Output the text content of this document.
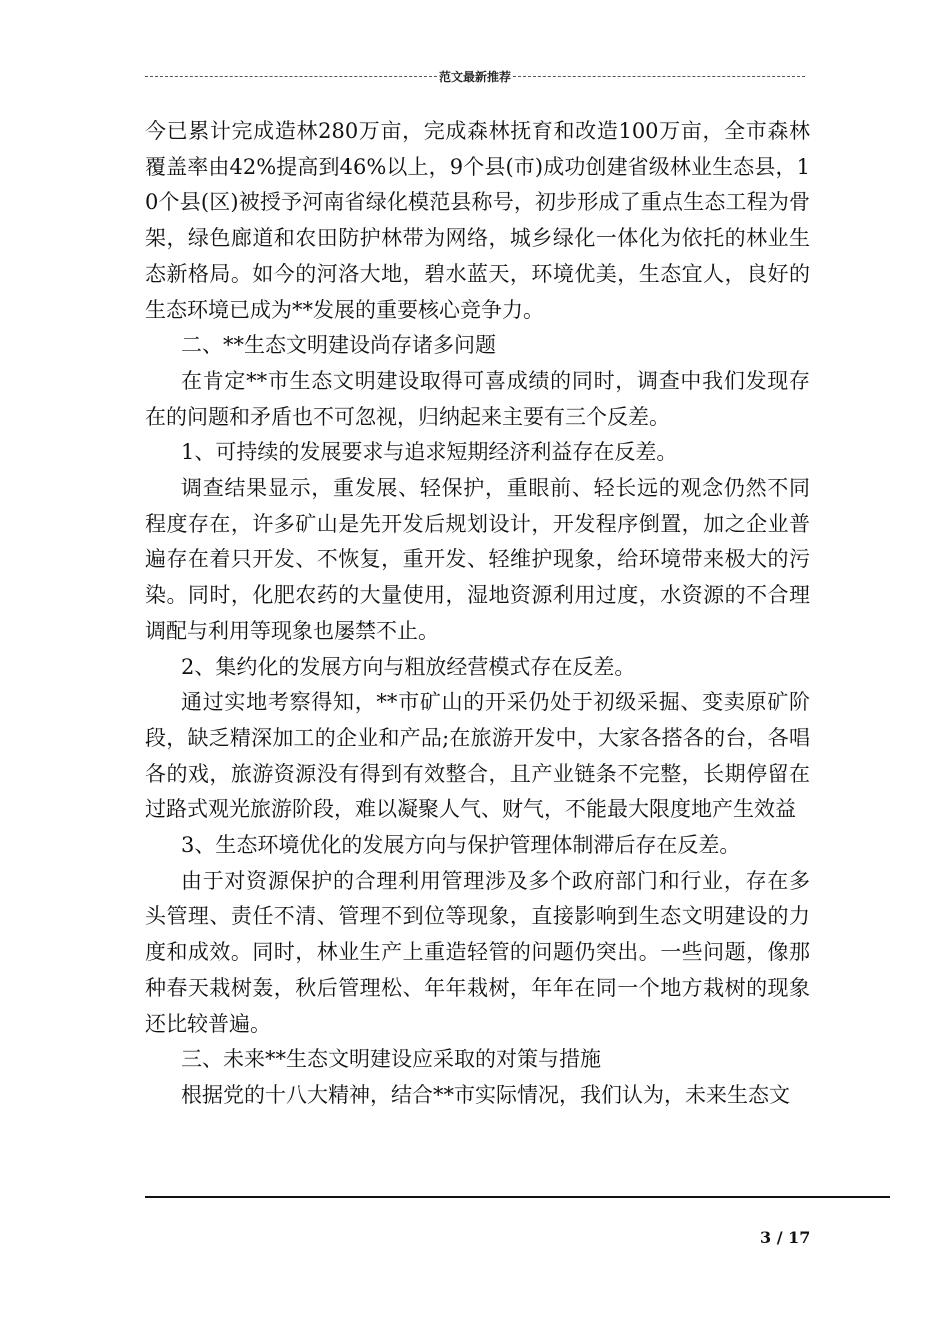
范文最新推荐

今已累计完成造林280万亩，完成森林抚育和改造100万亩，全市森林覆盖率由42%提高到46%以上，9个县(市)成功创建省级林业生态县，10个县(区)被授予河南省绿化模范县称号，初步形成了重点生态工程为骨架，绿色廊道和农田防护林带为网络，城乡绿化一体化为依托的林业生态新格局。如今的河洛大地，碧水蓝天，环境优美，生态宜人，良好的生态环境已成为**发展的重要核心竞争力。

二、**生态文明建设尚存诸多问题

在肯定**市生态文明建设取得可喜成绩的同时，调查中我们发现存在的问题和矛盾也不可忽视，归纳起来主要有三个反差。

1、可持续的发展要求与追求短期经济利益存在反差。

调查结果显示，重发展、轻保护，重眼前、轻长远的观念仍然不同程度存在，许多矿山是先开发后规划设计，开发程序倒置，加之企业普遍存在着只开发、不恢复，重开发、轻维护现象，给环境带来极大的污染。同时，化肥农药的大量使用，湿地资源利用过度，水资源的不合理调配与利用等现象也屡禁不止。

2、集约化的发展方向与粗放经营模式存在反差。

通过实地考察得知，**市矿山的开采仍处于初级采掘、变卖原矿阶段，缺乏精深加工的企业和产品;在旅游开发中，大家各搭各的台，各唱各的戏，旅游资源没有得到有效整合，且产业链条不完整，长期停留在过路式观光旅游阶段，难以凝聚人气、财气，不能最大限度地产生效益

3、生态环境优化的发展方向与保护管理体制滞后存在反差。

由于对资源保护的合理利用管理涉及多个政府部门和行业，存在多头管理、责任不清、管理不到位等现象，直接影响到生态文明建设的力度和成效。同时，林业生产上重造轻管的问题仍突出。一些问题，像那种春天栽树轰，秋后管理松、年年栽树，年年在同一个地方栽树的现象还比较普遍。

三、未来**生态文明建设应采取的对策与措施

根据党的十八大精神，结合**市实际情况，我们认为，未来生态文

3 / 17
